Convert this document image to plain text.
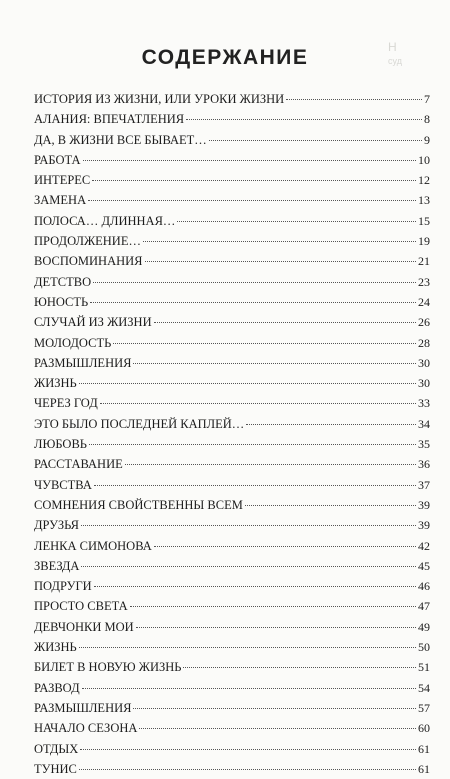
Н
суд
СОДЕРЖАНИЕ
ИСТОРИЯ ИЗ ЖИЗНИ, ИЛИ УРОКИ ЖИЗНИ	7
АЛАНИЯ: ВПЕЧАТЛЕНИЯ	8
ДА, В ЖИЗНИ ВСЕ БЫВАЕТ…	9
РАБОТА	10
ИНТЕРЕС	12
ЗАМЕНА	13
ПОЛОСА… ДЛИННАЯ…	15
ПРОДОЛЖЕНИЕ…	19
ВОСПОМИНАНИЯ	21
ДЕТСТВО	23
ЮНОСТЬ	24
СЛУЧАЙ ИЗ ЖИЗНИ	26
МОЛОДОСТЬ	28
РАЗМЫШЛЕНИЯ	30
ЖИЗНЬ	30
ЧЕРЕЗ ГОД	33
ЭТО БЫЛО ПОСЛЕДНЕЙ КАПЛЕЙ…	34
ЛЮБОВЬ	35
РАССТАВАНИЕ	36
ЧУВСТВА	37
СОМНЕНИЯ СВОЙСТВЕННЫ ВСЕМ	39
ДРУЗЬЯ	39
ЛЕНКА СИМОНОВА	42
ЗВЕЗДА	45
ПОДРУГИ	46
ПРОСТО СВЕТА	47
ДЕВЧОНКИ МОИ	49
ЖИЗНЬ	50
БИЛЕТ В НОВУЮ ЖИЗНЬ	51
РАЗВОД	54
РАЗМЫШЛЕНИЯ	57
НАЧАЛО СЕЗОНА	60
ОТДЫХ	61
ТУНИС	61
